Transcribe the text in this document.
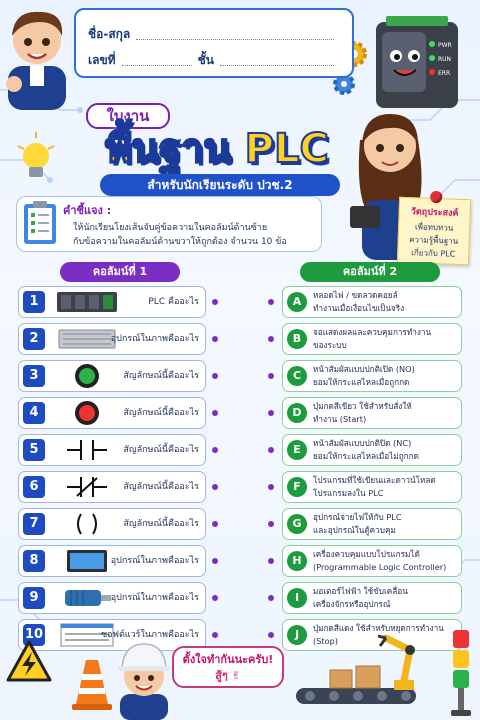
PWR
RUN
ERR
ชื่อ-สกุล
เลขที่	ชั้น
ใบงาน
พื้นฐาน PLC
สำหรับนักเรียนระดับ ปวช.2
คำชี้แจง :
ให้นักเรียนโยงเส้นจับคู่ข้อความในคอลัมน์ด้านซ้าย
กับข้อความในคอลัมน์ด้านขวาให้ถูกต้อง จำนวน 10 ข้อ
วัตถุประสงค์
เพื่อทบทวน
ความรู้พื้นฐาน
เกี่ยวกับ PLC
คอลัมน์ที่ 1	คอลัมน์ที่ 2
1	PLC คืออะไร	A	หลอดไฟ / ขดลวดคอยล์
ทำงานเมื่อเงื่อนไขเป็นจริง
2	อุปกรณ์ในภาพคืออะไร	B	จอแสดงผลและควบคุมการทำงาน
ของระบบ
3	สัญลักษณ์นี้คืออะไร	C	หน้าสัมผัสแบบปกติเปิด (NO)
ยอมให้กระแสไหลเมื่อถูกกด
4	สัญลักษณ์นี้คืออะไร	D	ปุ่มกดสีเขียว ใช้สำหรับสั่งให้
ทำงาน (Start)
5	สัญลักษณ์นี้คืออะไร	E	หน้าสัมผัสแบบปกติปิด (NC)
ยอมให้กระแสไหลเมื่อไม่ถูกกด
6	สัญลักษณ์นี้คืออะไร	F	โปรแกรมที่ใช้เขียนและดาวน์โหลด
โปรแกรมลงใน PLC
7	สัญลักษณ์นี้คืออะไร	G	อุปกรณ์จ่ายไฟให้กับ PLC
และอุปกรณ์ในตู้ควบคุม
8	อุปกรณ์ในภาพคืออะไร	H	เครื่องควบคุมแบบโปรแกรมได้
(Programmable Logic Controller)
9	อุปกรณ์ในภาพคืออะไร	I	มอเตอร์ไฟฟ้า ใช้ขับเคลื่อน
เครื่องจักรหรืออุปกรณ์
10	ซอฟต์แวร์ในภาพคืออะไร	J	ปุ่มกดสีแดง ใช้สำหรับหยุดการทำงาน
(Stop)
ตั้งใจทำกันนะครับ!
สู้ๆ ✌
